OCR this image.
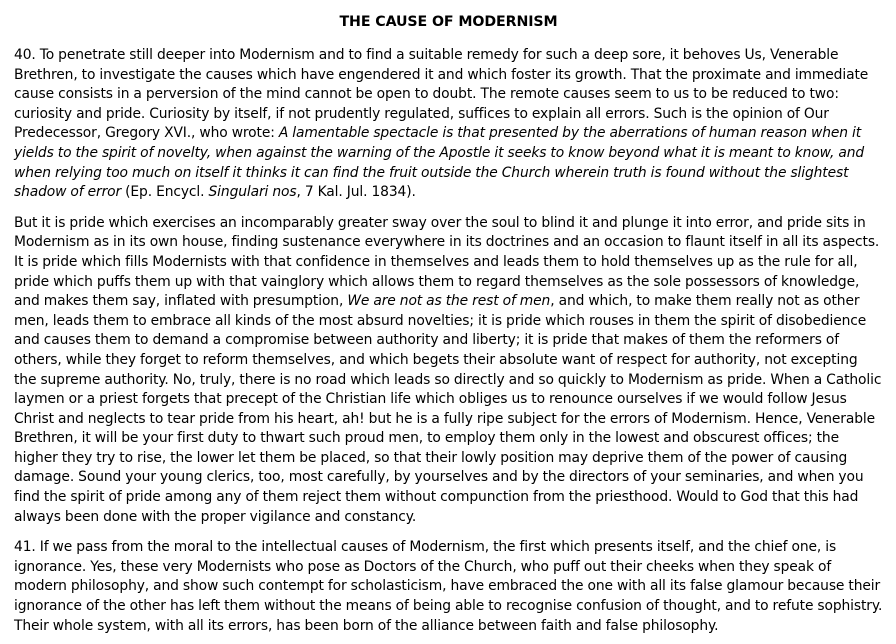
THE CAUSE OF MODERNISM

40. To penetrate still deeper into Modernism and to find a suitable remedy for such a deep sore, it behoves Us, Venerable Brethren, to investigate the causes which have engendered it and which foster its growth. That the proximate and immediate cause consists in a perversion of the mind cannot be open to doubt. The remote causes seem to us to be reduced to two: curiosity and pride. Curiosity by itself, if not prudently regulated, suffices to explain all errors. Such is the opinion of Our Predecessor, Gregory XVI., who wrote: A lamentable spectacle is that presented by the aberrations of human reason when it yields to the spirit of novelty, when against the warning of the Apostle it seeks to know beyond what it is meant to know, and when relying too much on itself it thinks it can find the fruit outside the Church wherein truth is found without the slightest shadow of error (Ep. Encycl. Singulari nos, 7 Kal. Jul. 1834).

But it is pride which exercises an incomparably greater sway over the soul to blind it and plunge it into error, and pride sits in Modernism as in its own house, finding sustenance everywhere in its doctrines and an occasion to flaunt itself in all its aspects. It is pride which fills Modernists with that confidence in themselves and leads them to hold themselves up as the rule for all, pride which puffs them up with that vainglory which allows them to regard themselves as the sole possessors of knowledge, and makes them say, inflated with presumption, We are not as the rest of men, and which, to make them really not as other men, leads them to embrace all kinds of the most absurd novelties; it is pride which rouses in them the spirit of disobedience and causes them to demand a compromise between authority and liberty; it is pride that makes of them the reformers of others, while they forget to reform themselves, and which begets their absolute want of respect for authority, not excepting the supreme authority. No, truly, there is no road which leads so directly and so quickly to Modernism as pride. When a Catholic laymen or a priest forgets that precept of the Christian life which obliges us to renounce ourselves if we would follow Jesus Christ and neglects to tear pride from his heart, ah! but he is a fully ripe subject for the errors of Modernism. Hence, Venerable Brethren, it will be your first duty to thwart such proud men, to employ them only in the lowest and obscurest offices; the higher they try to rise, the lower let them be placed, so that their lowly position may deprive them of the power of causing damage. Sound your young clerics, too, most carefully, by yourselves and by the directors of your seminaries, and when you find the spirit of pride among any of them reject them without compunction from the priesthood. Would to God that this had always been done with the proper vigilance and constancy.

41. If we pass from the moral to the intellectual causes of Modernism, the first which presents itself, and the chief one, is ignorance. Yes, these very Modernists who pose as Doctors of the Church, who puff out their cheeks when they speak of modern philosophy, and show such contempt for scholasticism, have embraced the one with all its false glamour because their ignorance of the other has left them without the means of being able to recognise confusion of thought, and to refute sophistry. Their whole system, with all its errors, has been born of the alliance between faith and false philosophy.
